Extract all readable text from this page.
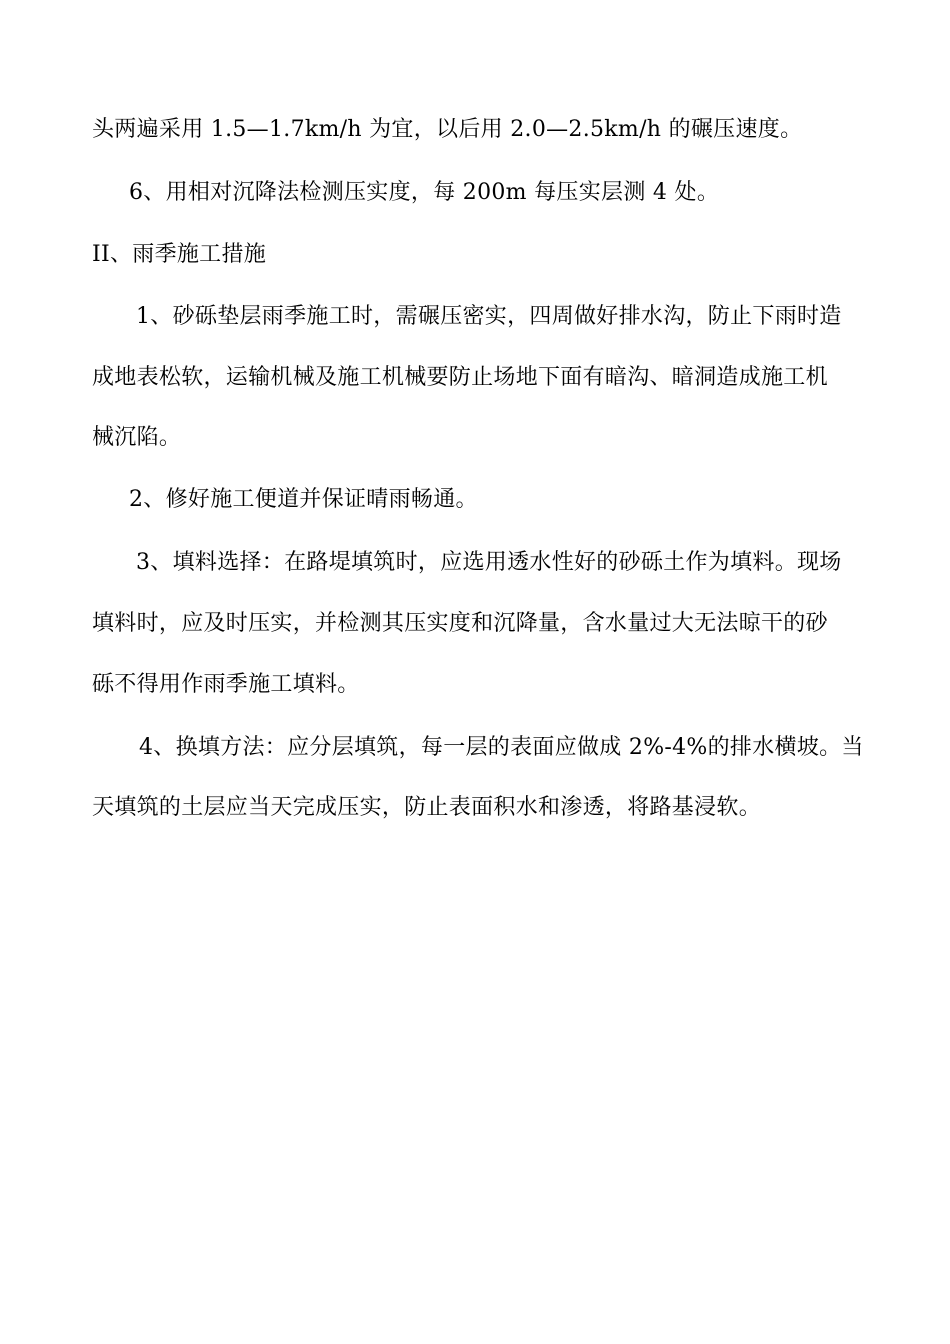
头两遍采用 1.5—1.7km/h 为宜，以后用 2.0—2.5km/h 的碾压速度。
6、用相对沉降法检测压实度，每 200m 每压实层测 4 处。
II、雨季施工措施
1、砂砾垫层雨季施工时，需碾压密实，四周做好排水沟，防止下雨时造
成地表松软，运输机械及施工机械要防止场地下面有暗沟、暗洞造成施工机
械沉陷。
2、修好施工便道并保证晴雨畅通。
3、填料选择：在路堤填筑时，应选用透水性好的砂砾土作为填料。现场
填料时，应及时压实，并检测其压实度和沉降量，含水量过大无法晾干的砂
砾不得用作雨季施工填料。
4、换填方法：应分层填筑，每一层的表面应做成 2%-4%的排水横坡。当
天填筑的土层应当天完成压实，防止表面积水和渗透，将路基浸软。
